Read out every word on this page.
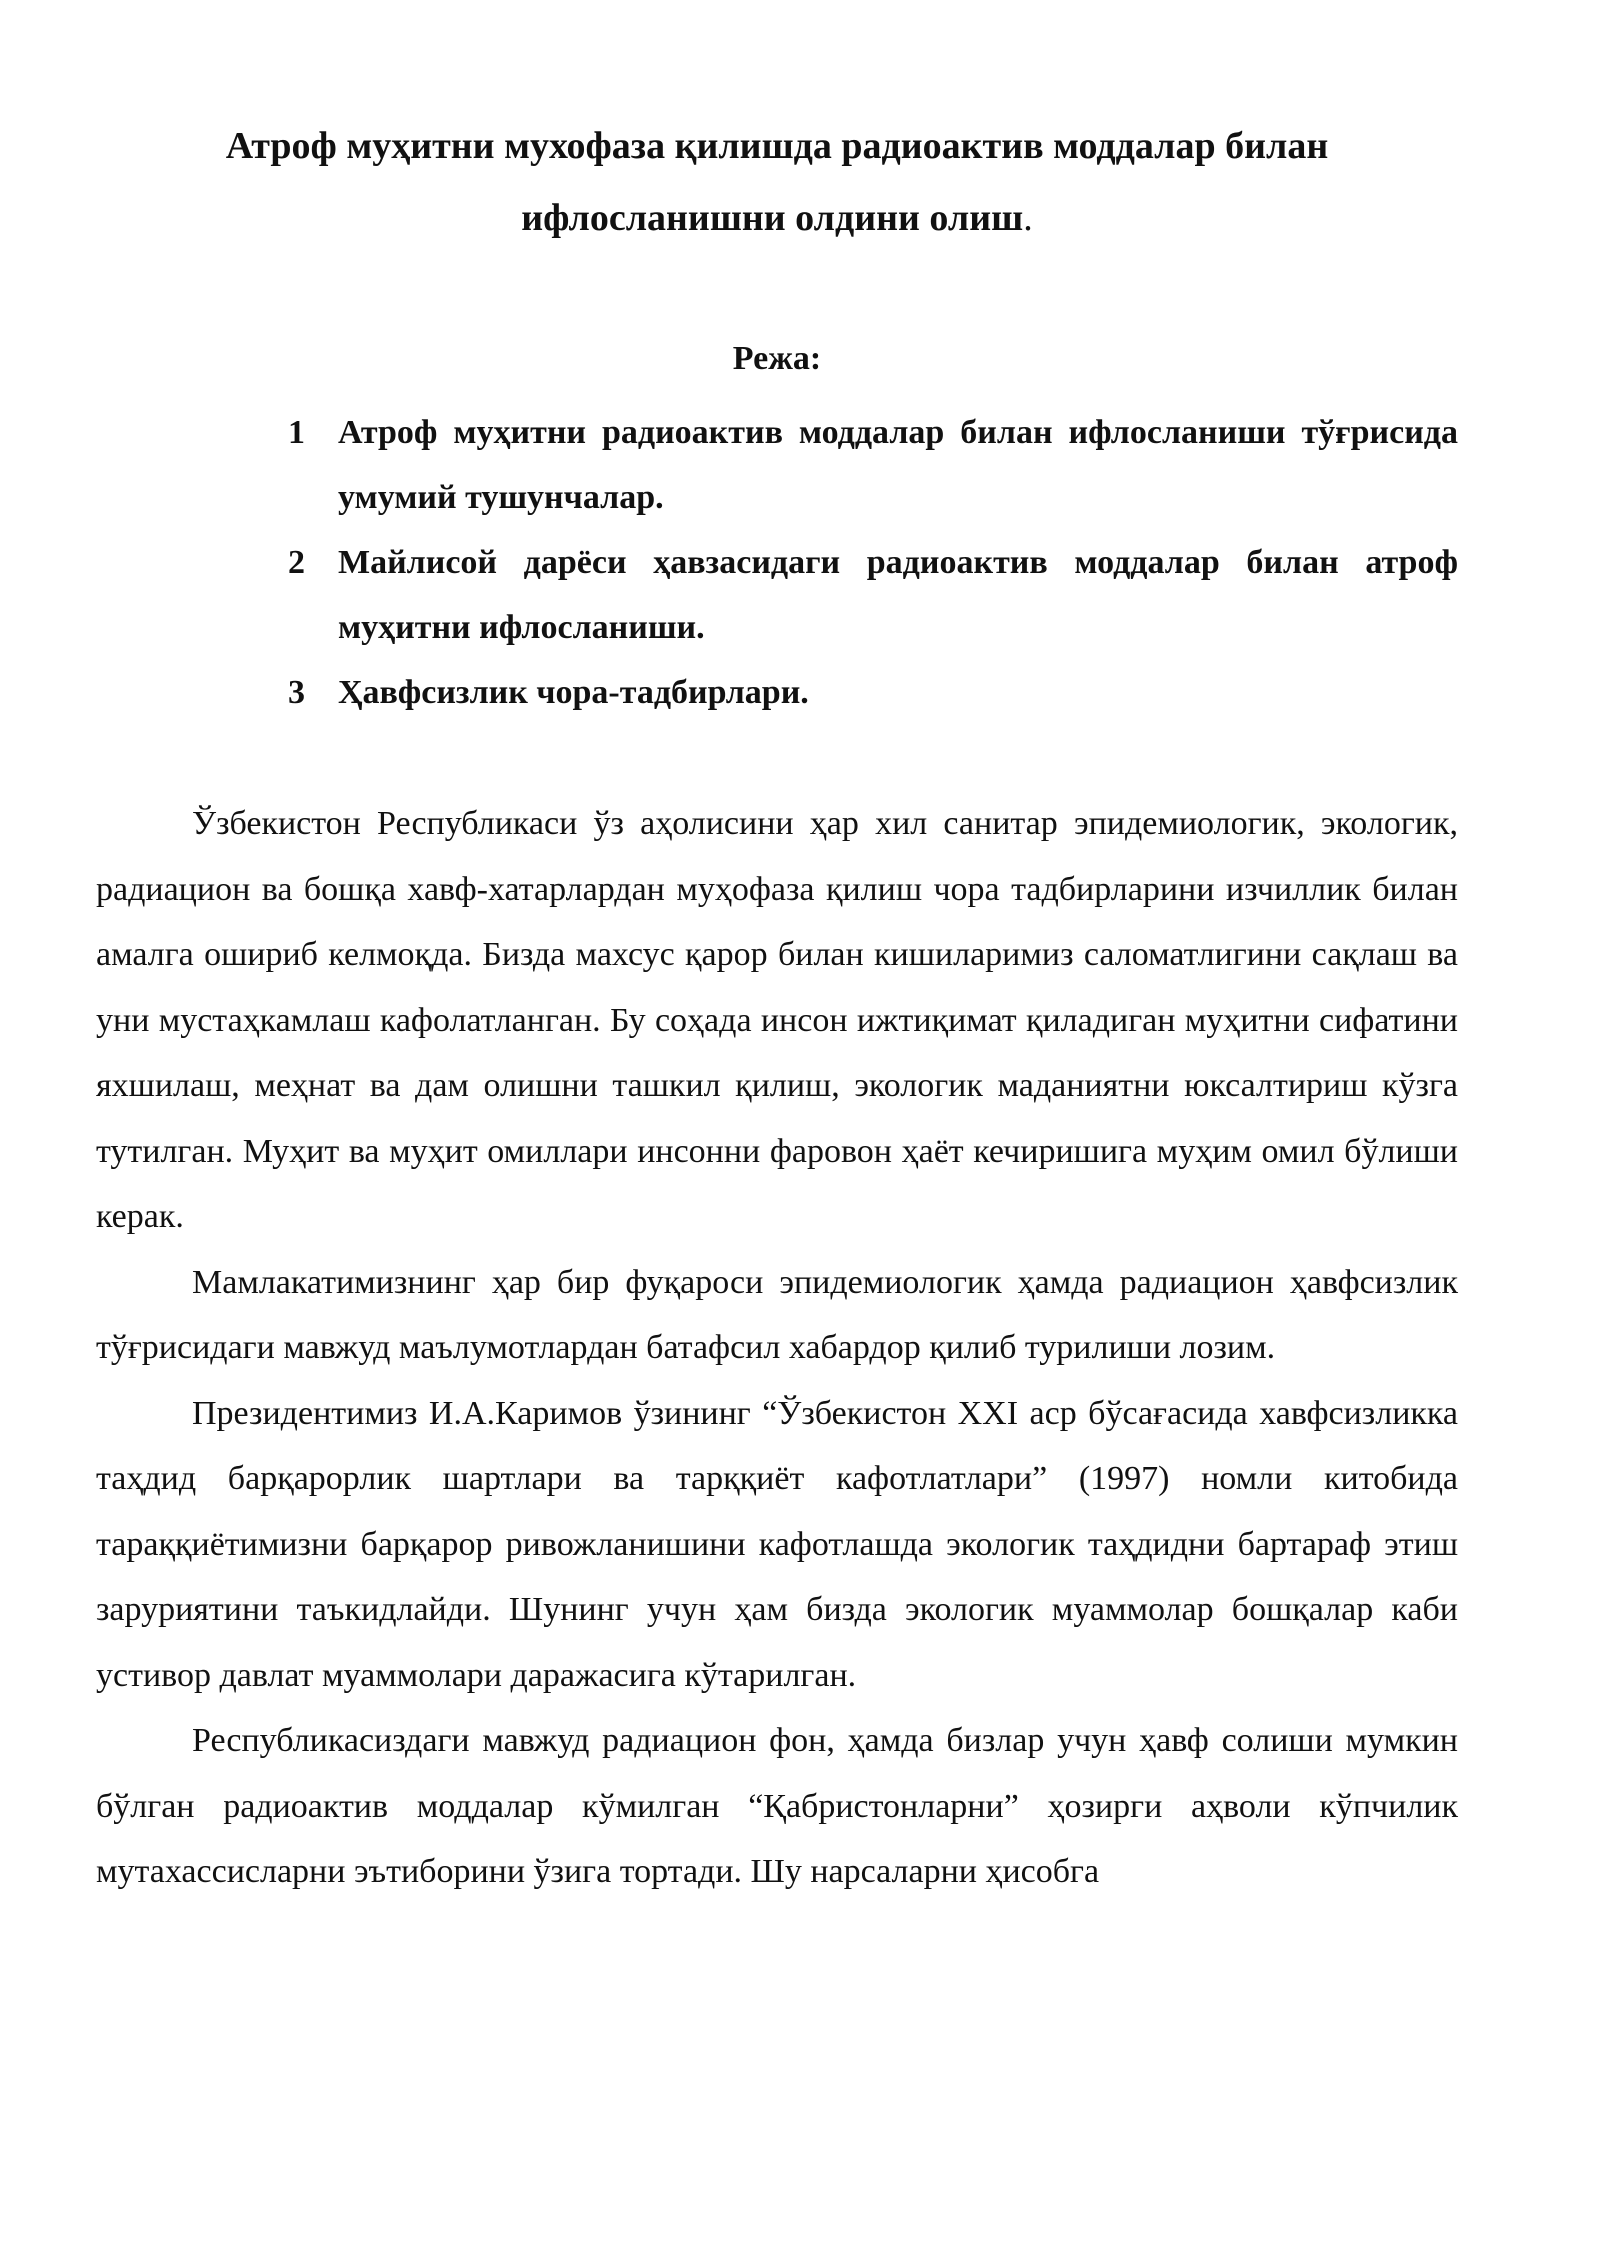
Атроф муҳитни мухофаза қилишда радиоактив моддалар билан ифлосланишни олдини олиш.
Режа:
1 Атроф муҳитни радиоактив моддалар билан ифлосланиши тўғрисида умумий тушунчалар.
2 Майлисой дарёси ҳавзасидаги радиоактив моддалар билан атроф муҳитни ифлосланиши.
3 Ҳавфсизлик чора-тадбирлари.

Ўзбекистон Республикаси ўз аҳолисини ҳар хил санитар эпидемиологик, экологик, радиацион ва бошқа хавф-хатарлардан муҳофаза қилиш чора тадбирларини изчиллик билан амалга ошириб келмоқда. Бизда махсус қарор билан кишиларимиз саломатлигини сақлаш ва уни мустаҳкамлаш кафолатланган. Бу соҳада инсон ижтиқимат қиладиган муҳитни сифатини яхшилаш, меҳнат ва дам олишни ташкил қилиш, экологик маданиятни юксалтириш кўзга тутилган. Муҳит ва муҳит омиллари инсонни фаровон ҳаёт кечиришига муҳим омил бўлиши керак.

Мамлакатимизнинг ҳар бир фуқароси эпидемиологик ҳамда радиацион ҳавфсизлик тўғрисидаги мавжуд маълумотлардан батафсил хабардор қилиб турилиши лозим.

Президентимиз И.А.Каримов ўзининг “Ўзбекистон XXI аср бўсағасида хавфсизликка таҳдид барқарорлик шартлари ва тарққиёт кафотлатлари” (1997) номли китобида тараққиётимизни барқарор ривожланишини кафотлашда экологик таҳдидни бартараф этиш заруриятини таъкидлайди. Шунинг учун ҳам бизда экологик муаммолар бошқалар каби устивор давлат муаммолари даражасига кўтарилган.

Республикасиздаги мавжуд радиацион фон, ҳамда бизлар учун ҳавф солиши мумкин бўлган радиоактив моддалар кўмилган “Қабристонларни” ҳозирги аҳволи кўпчилик мутахассисларни эътиборини ўзига тортади. Шу нарсаларни ҳисобга
